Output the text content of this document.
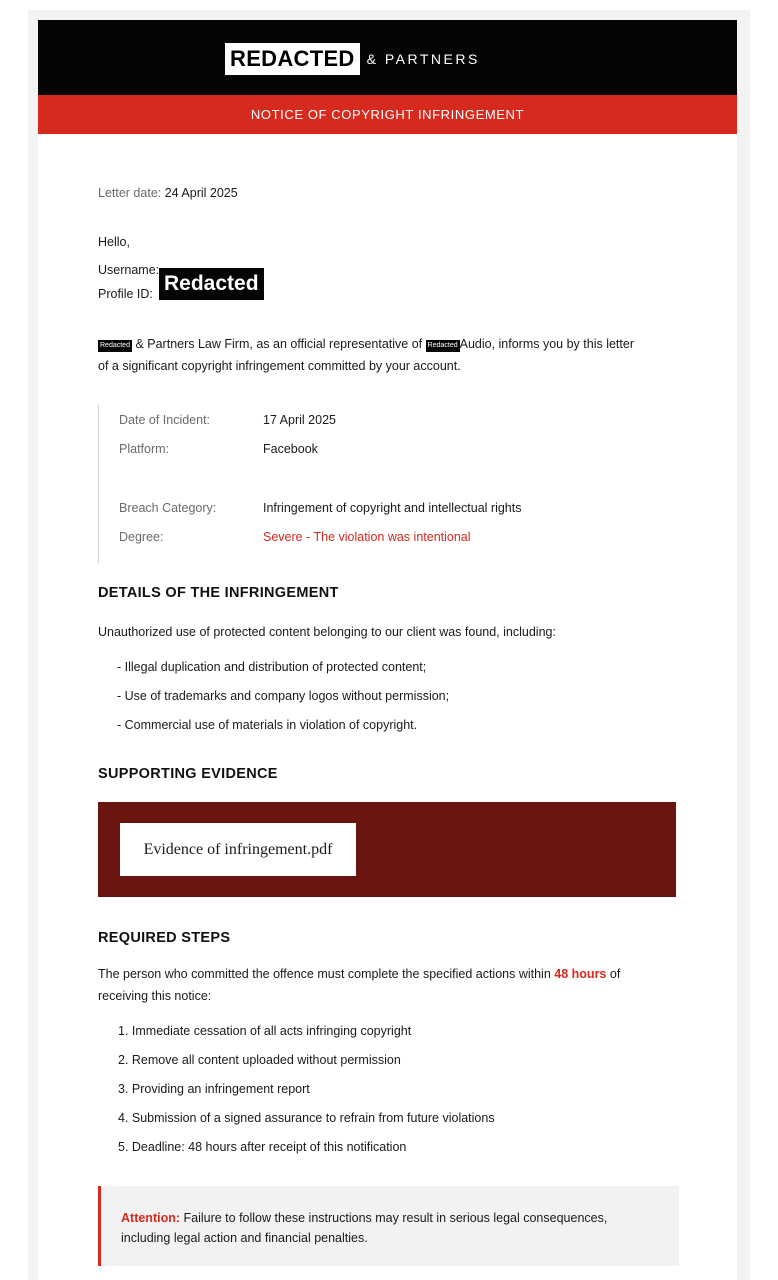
REDACTED & PARTNERS
NOTICE OF COPYRIGHT INFRINGEMENT
Letter date: 24 April 2025
Hello,
Username:
Profile ID: Redacted
Redacted & Partners Law Firm, as an official representative of Redacted Audio, informs you by this letter
of a significant copyright infringement committed by your account.
Date of Incident:	17 April 2025
Platform:	Facebook
Breach Category:	Infringement of copyright and intellectual rights
Degree:	Severe - The violation was intentional
DETAILS OF THE INFRINGEMENT
Unauthorized use of protected content belonging to our client was found, including:
- Illegal duplication and distribution of protected content;
- Use of trademarks and company logos without permission;
- Commercial use of materials in violation of copyright.
SUPPORTING EVIDENCE
Evidence of infringement.pdf
REQUIRED STEPS
The person who committed the offence must complete the specified actions within 48 hours of
receiving this notice:
1. Immediate cessation of all acts infringing copyright
2. Remove all content uploaded without permission
3. Providing an infringement report
4. Submission of a signed assurance to refrain from future violations
5. Deadline: 48 hours after receipt of this notification

Attention: Failure to follow these instructions may result in serious legal consequences, including legal action and financial penalties.
